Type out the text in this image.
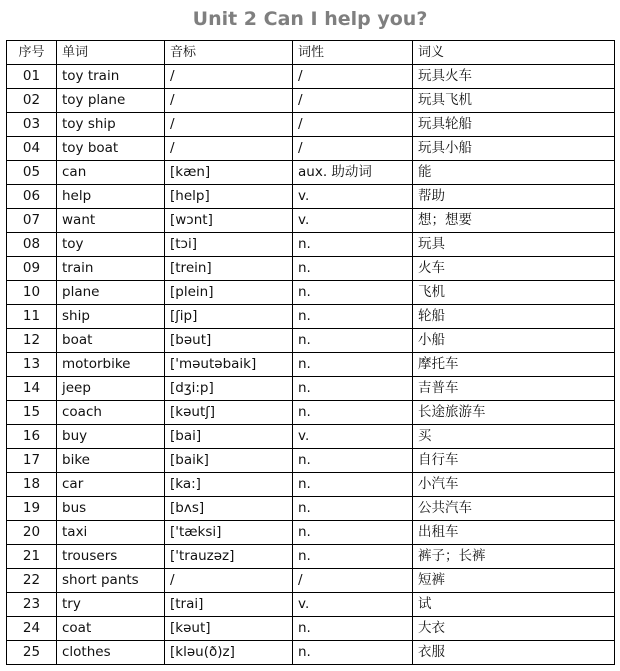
Unit 2 Can I help you?
序号	单词	音标	词性	词义
01	toy train	/	/	玩具火车
02	toy plane	/	/	玩具飞机
03	toy ship	/	/	玩具轮船
04	toy boat	/	/	玩具小船
05	can	[kæn]	aux. 助动词	能
06	help	[help]	v.	帮助
07	want	[wɔnt]	v.	想；想要
08	toy	[tɔi]	n.	玩具
09	train	[trein]	n.	火车
10	plane	[plein]	n.	飞机
11	ship	[ʃip]	n.	轮船
12	boat	[bəut]	n.	小船
13	motorbike	['məutəbaik]	n.	摩托车
14	jeep	[dʒi:p]	n.	吉普车
15	coach	[kəutʃ]	n.	长途旅游车
16	buy	[bai]	v.	买
17	bike	[baik]	n.	自行车
18	car	[ka:]	n.	小汽车
19	bus	[bʌs]	n.	公共汽车
20	taxi	['tæksi]	n.	出租车
21	trousers	['trauzəz]	n.	裤子；长裤
22	short pants	/	/	短裤
23	try	[trai]	v.	试
24	coat	[kəut]	n.	大衣
25	clothes	[kləu(ð)z]	n.	衣服
